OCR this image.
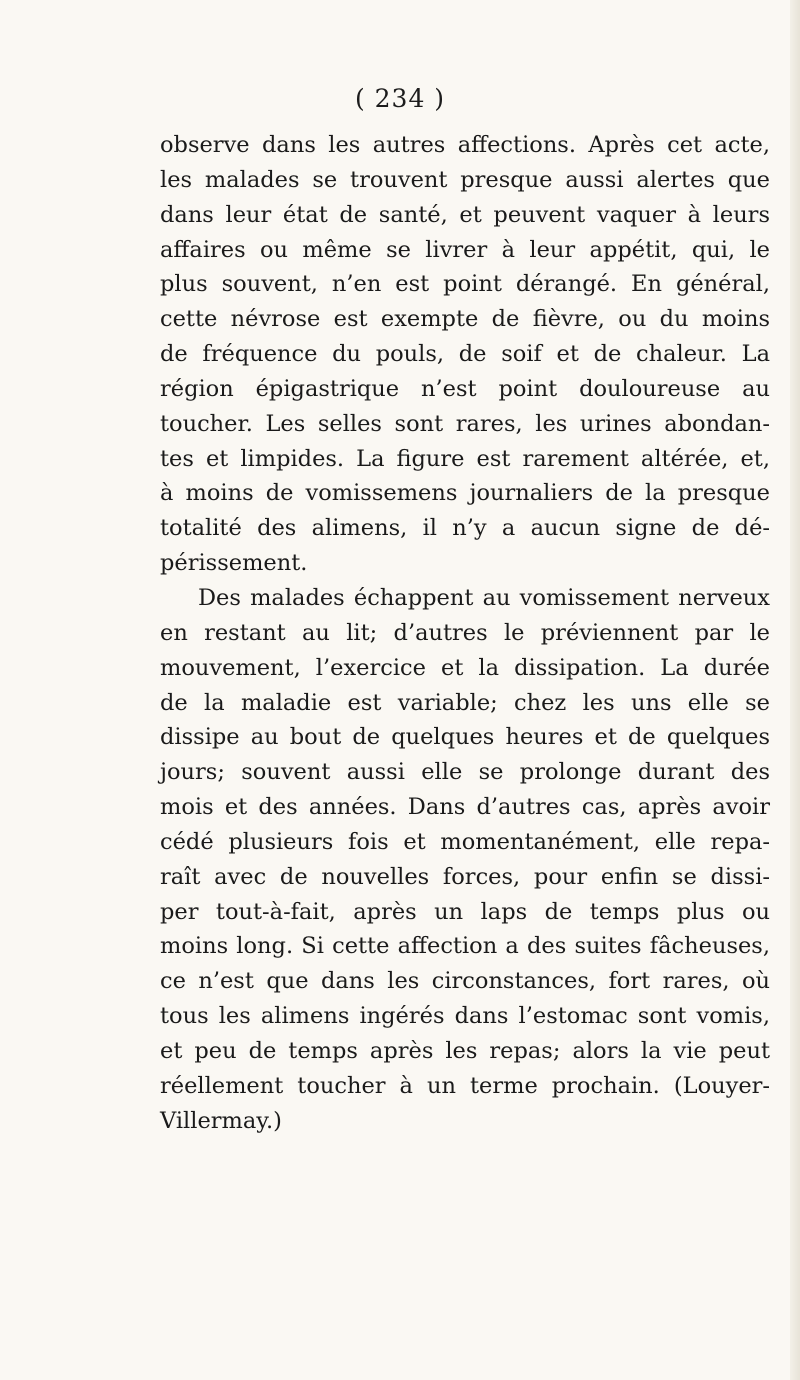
( 234 )
observe dans les autres affections. Après cet acte,
les malades se trouvent presque aussi alertes que
dans leur état de santé, et peuvent vaquer à leurs
affaires ou même se livrer à leur appétit, qui, le
plus souvent, n’en est point dérangé. En général,
cette névrose est exempte de fièvre, ou du moins
de fréquence du pouls, de soif et de chaleur. La
région épigastrique n’est point douloureuse au
toucher. Les selles sont rares, les urines abondan-
tes et limpides. La figure est rarement altérée, et,
à moins de vomissemens journaliers de la presque
totalité des alimens, il n’y a aucun signe de dé-
périssement.
Des malades échappent au vomissement nerveux
en restant au lit; d’autres le préviennent par le
mouvement, l’exercice et la dissipation. La durée
de la maladie est variable; chez les uns elle se
dissipe au bout de quelques heures et de quelques
jours; souvent aussi elle se prolonge durant des
mois et des années. Dans d’autres cas, après avoir
cédé plusieurs fois et momentanément, elle repa-
raît avec de nouvelles forces, pour enfin se dissi-
per tout-à-fait, après un laps de temps plus ou
moins long. Si cette affection a des suites fâcheuses,
ce n’est que dans les circonstances, fort rares, où
tous les alimens ingérés dans l’estomac sont vomis,
et peu de temps après les repas; alors la vie peut
réellement toucher à un terme prochain. (Louyer-
Villermay.)
